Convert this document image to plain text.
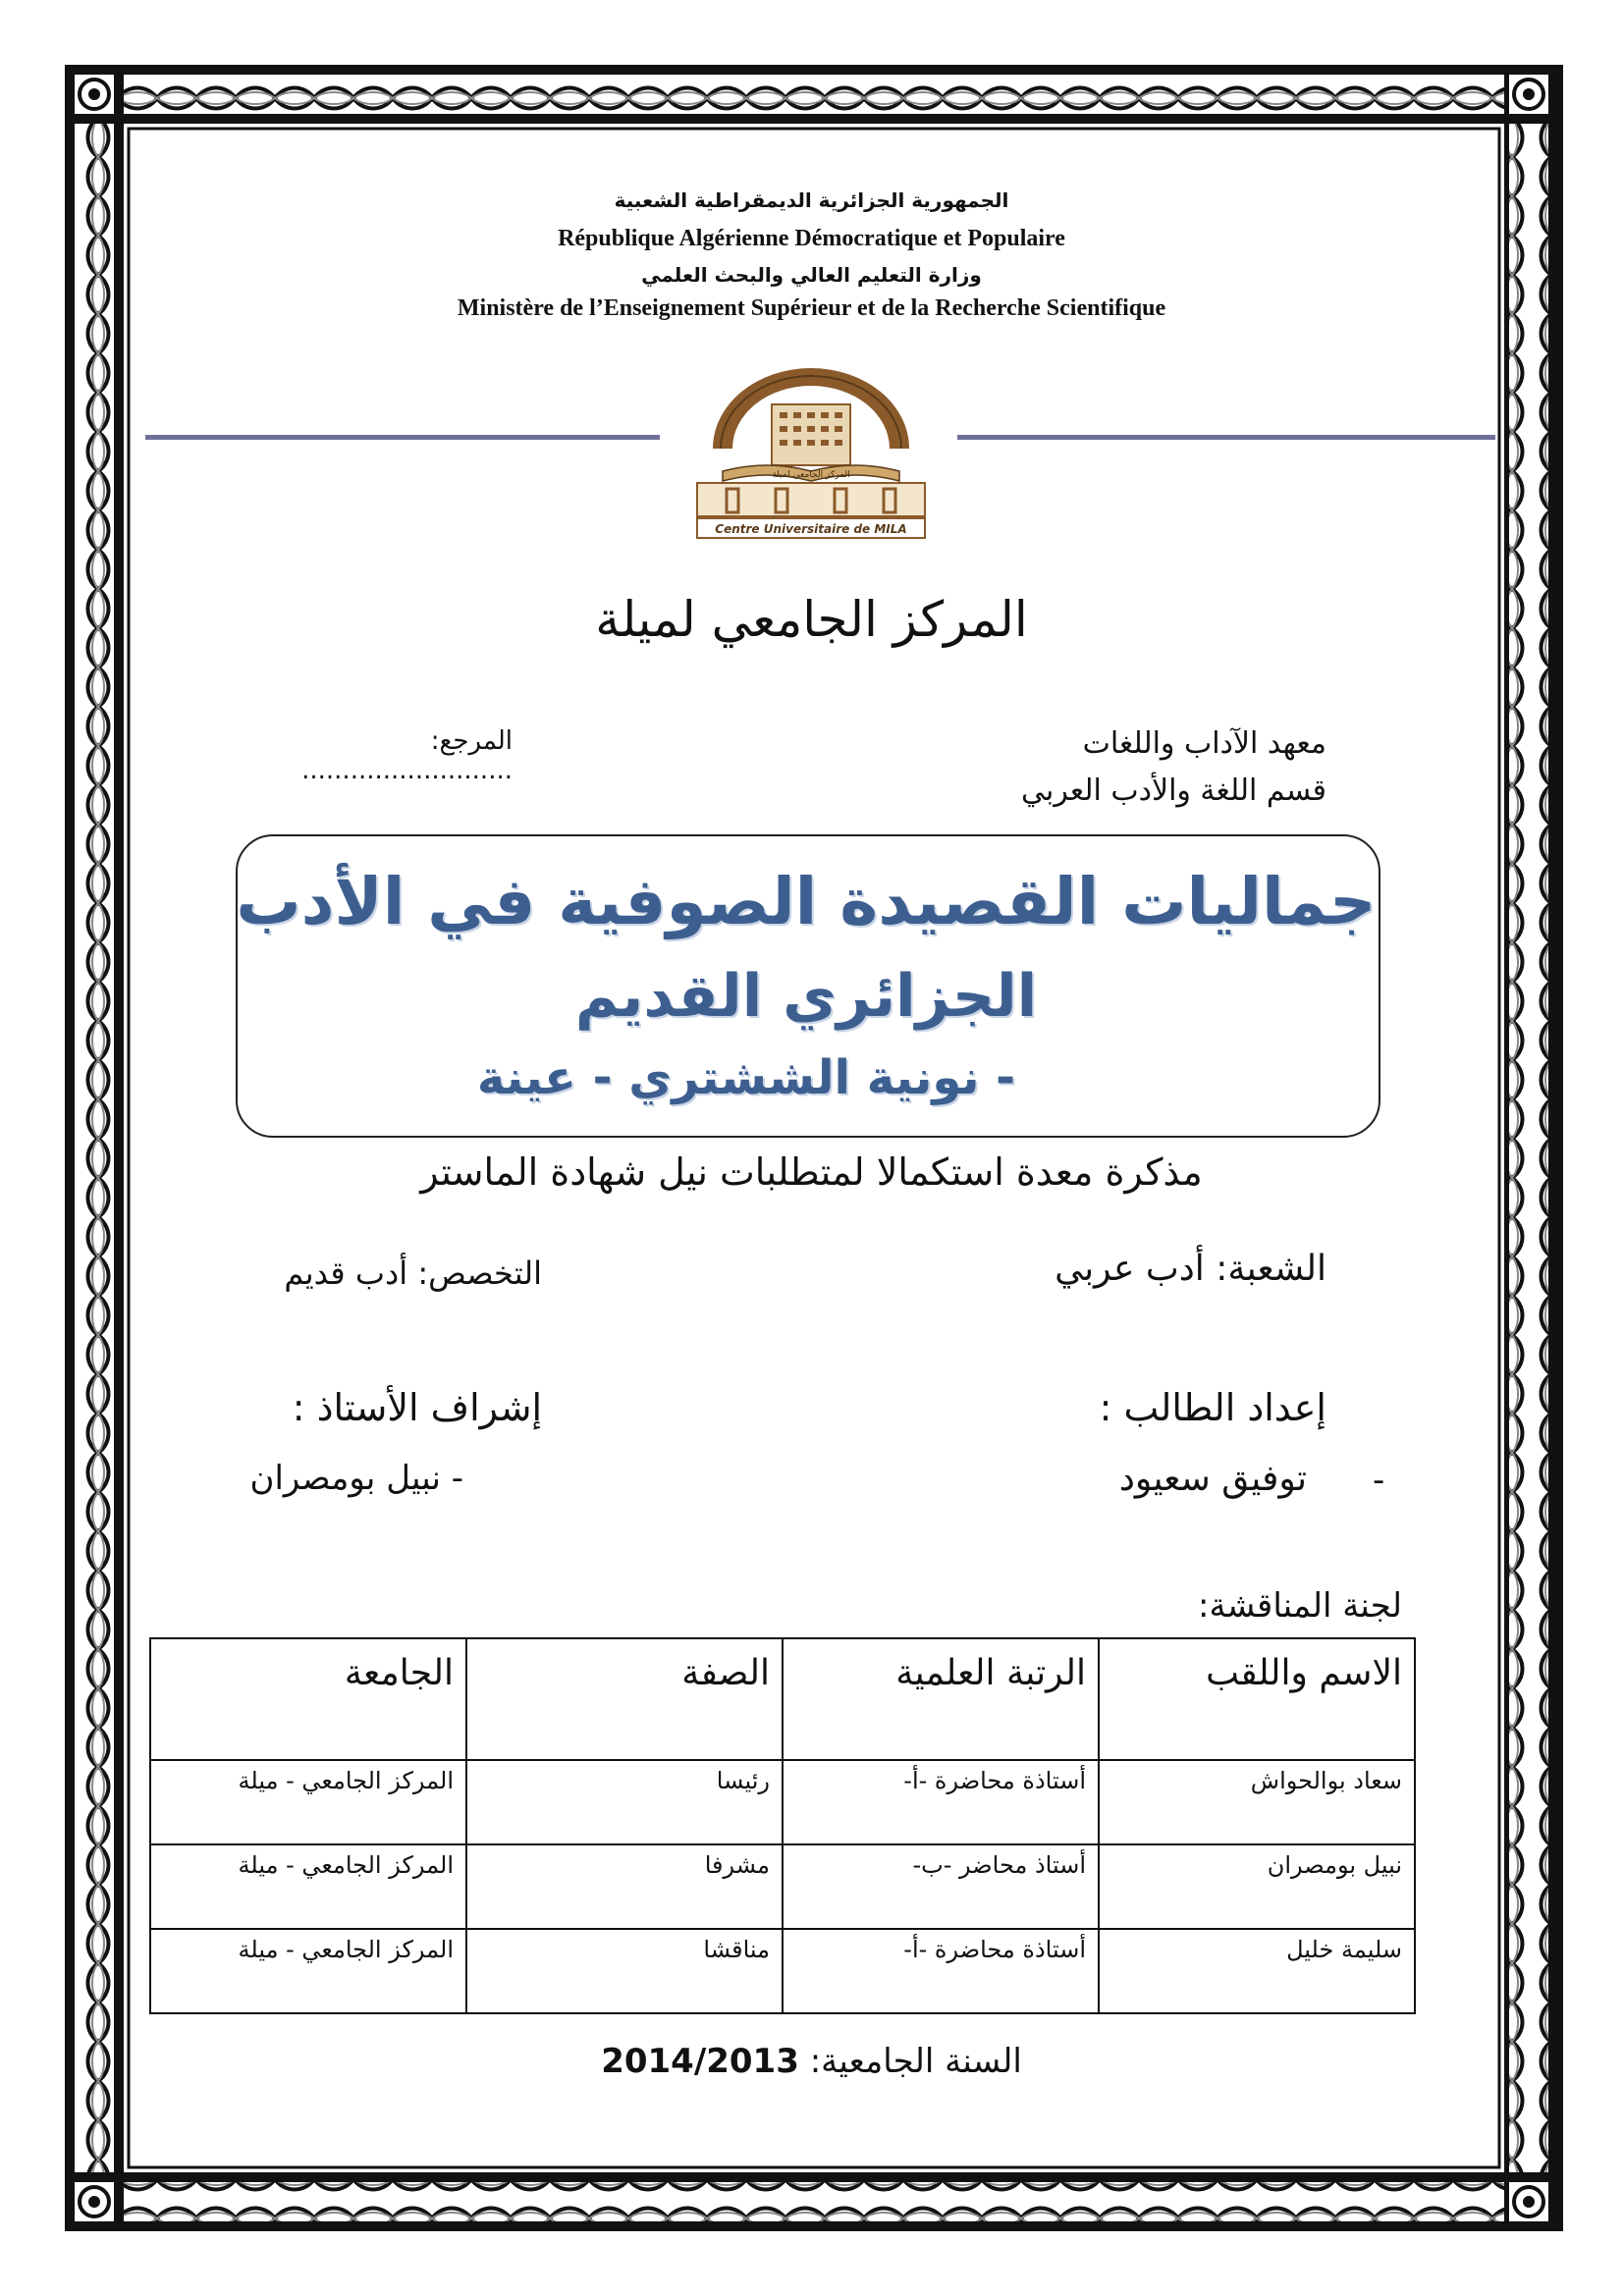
الجمهورية الجزائرية الديمقراطية الشعبية
République Algérienne Démocratique et Populaire
وزارة التعليم العالي والبحث العلمي
Ministère de l’Enseignement Supérieur et de la Recherche Scientifique
المركز الجامعي لميلة
Centre Universitaire de MILA
المركز الجامعي لميلة
معهد الآداب واللغات
قسم اللغة والأدب العربي
المرجع: ..........................
جماليات القصيدة الصوفية في الأدب
الجزائري القديم
- نونية الششتري - عينة
مذكرة معدة استكمالا لمتطلبات نيل شهادة الماستر
الشعبة: أدب عربي
التخصص: أدب قديم
إعداد الطالب :
إشراف الأستاذ :
-
توفيق سعيود
- نبيل بومصران
لجنة المناقشة:
الاسم واللقب	الرتبة العلمية	الصفة	الجامعة
سعاد بوالحواش	أستاذة محاضرة -أ-	رئيسا	المركز الجامعي - ميلة
نبيل بومصران	أستاذ محاضر -ب-	مشرفا	المركز الجامعي - ميلة
سليمة خليل	أستاذة محاضرة -أ-	مناقشا	المركز الجامعي - ميلة
السنة الجامعية: 2014/2013
